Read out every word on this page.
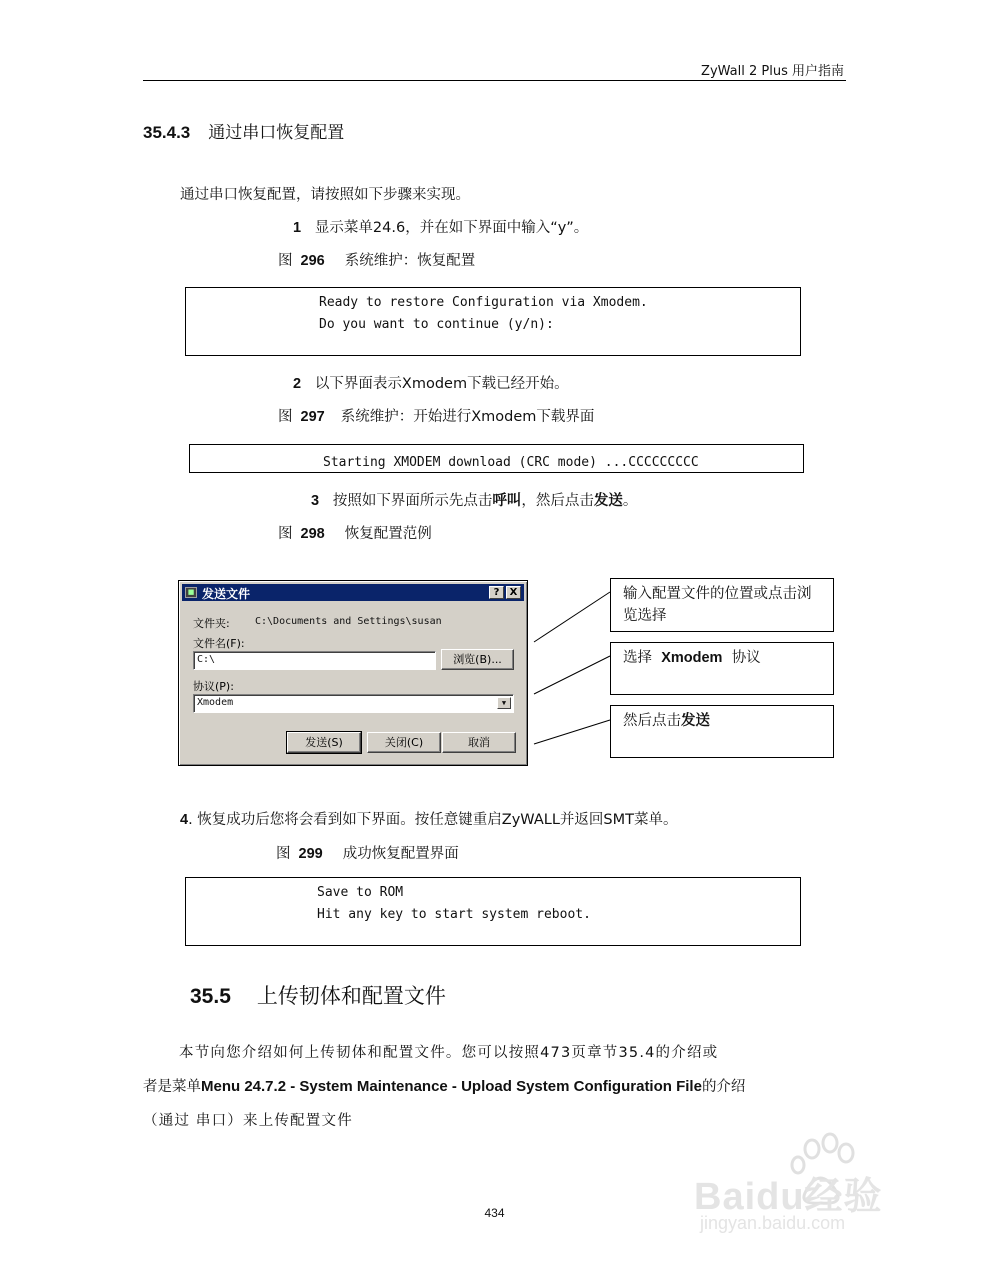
ZyWall 2 Plus 用户指南
35.4.3 通过串口恢复配置
通过串口恢复配置，请按照如下步骤来实现。
1 显示菜单24.6，并在如下界面中输入“y”。
图 296 系统维护：恢复配置
Ready to restore Configuration via Xmodem.
Do you want to continue (y/n):
2 以下界面表示Xmodem下载已经开始。
图 297 系统维护：开始进行Xmodem下载界面
Starting XMODEM download (CRC mode) ...CCCCCCCCC
3 按照如下界面所示先点击呼叫，然后点击发送。
图 298 恢复配置范例
■ 发送文件	?	X
文件夹:	C:\Documents and Settings\susan
文件名(F):
C:\	浏览(B)...
协议(P):
Xmodem	▼
发送(S)	关闭(C)	取消
输入配置文件的位置或点击浏览选择
选择 Xmodem 协议
然后点击发送
4. 恢复成功后您将会看到如下界面。按任意键重启ZyWALL并返回SMT菜单。
图 299 成功恢复配置界面
Save to ROM
Hit any key to start system reboot.
35.5 上传韧体和配置文件
本节向您介绍如何上传韧体和配置文件。您可以按照473页章节35.4的介绍或
者是菜单Menu 24.7.2 - System Maintenance - Upload System Configuration File的介绍
（通过 串口）来上传配置文件
Baidu经验
jingyan.baidu.com
434
